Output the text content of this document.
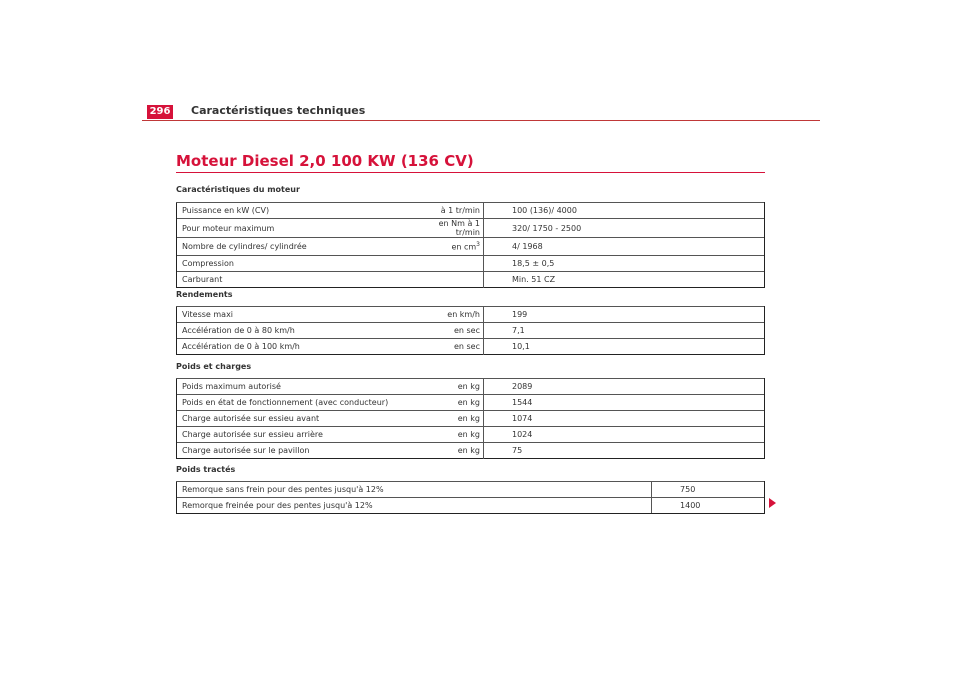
296 Caractéristiques techniques
Moteur Diesel 2,0 100 KW (136 CV)
Caractéristiques du moteur
Puissance en kW (CV)	à 1 tr/min	100 (136)/ 4000
Pour moteur maximum	en Nm à 1 tr/min	320/ 1750 - 2500
Nombre de cylindres/ cylindrée	en $cm^3$	4/ 1968
Compression		18,5 ± 0,5
Carburant		Min. 51 CZ
Rendements
Vitesse maxi	en km/h	199
Accélération de 0 à 80 km/h	en sec	7,1
Accélération de 0 à 100 km/h	en sec	10,1
Poids et charges
Poids maximum autorisé	en kg	2089
Poids en état de fonctionnement (avec conducteur)	en kg	1544
Charge autorisée sur essieu avant	en kg	1074
Charge autorisée sur essieu arrière	en kg	1024
Charge autorisée sur le pavillon	en kg	75
Poids tractés
Remorque sans frein pour des pentes jusqu'à 12%	750
Remorque freinée pour des pentes jusqu'à 12%	1400
